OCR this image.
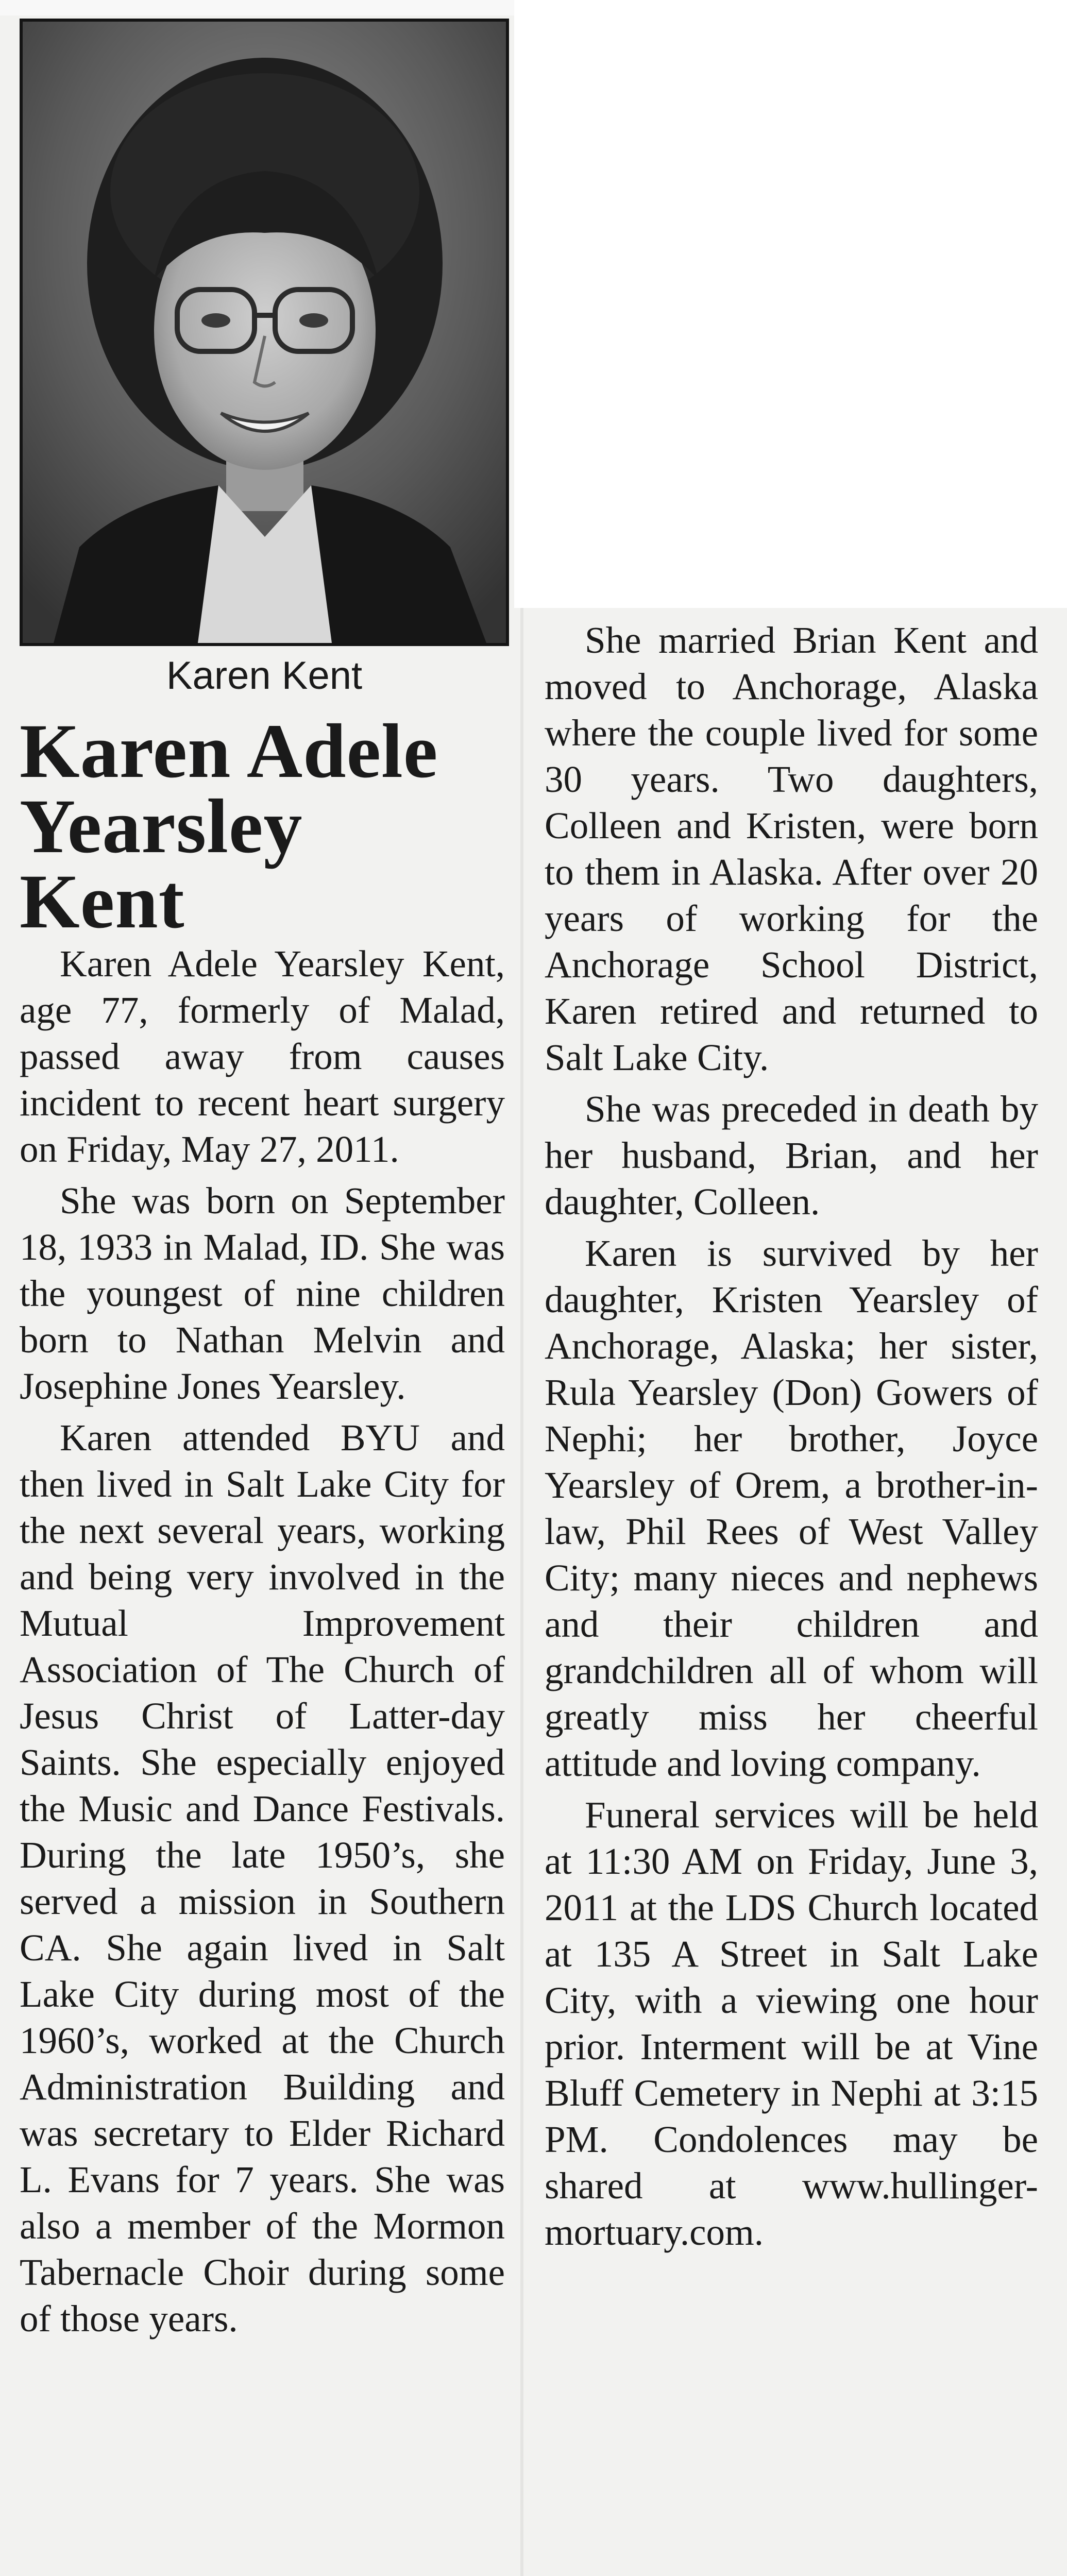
Karen Kent
Karen Adele
Yearsley
Kent

Karen Adele Yearsley Kent, age 77, formerly of Malad, passed away from causes incident to recent heart surgery on Friday, May 27, 2011.

She was born on September 18, 1933 in Malad, ID. She was the youngest of nine children born to Nathan Melvin and Josephine Jones Yearsley.

Karen attended BYU and then lived in Salt Lake City for the next several years, working and being very involved in the Mutual Improvement Association of The Church of Jesus Christ of Latter-day Saints. She especially enjoyed the Music and Dance Festivals. During the late 1950’s, she served a mission in Southern CA. She again lived in Salt Lake City during most of the 1960’s, worked at the Church Administration Building and was secretary to Elder Richard L. Evans for 7 years. She was also a member of the Mormon Tabernacle Choir during some of those years.

She married Brian Kent and moved to Anchorage, Alaska where the couple lived for some 30 years. Two daughters, Colleen and Kristen, were born to them in Alaska. After over 20 years of working for the Anchorage School District, Karen retired and returned to Salt Lake City.

She was preceded in death by her husband, Brian, and her daughter, Colleen.

Karen is survived by her daughter, Kristen Yearsley of Anchorage, Alaska; her sister, Rula Yearsley (Don) Gowers of Nephi; her brother, Joyce Yearsley of Orem, a brother-in-law, Phil Rees of West Valley City; many nieces and nephews and their children and grandchildren all of whom will greatly miss her cheerful attitude and loving company.

Funeral services will be held at 11:30 AM on Friday, June 3, 2011 at the LDS Church located at 135 A Street in Salt Lake City, with a viewing one hour prior. Interment will be at Vine Bluff Cemetery in Nephi at 3:15 PM. Condolences may be shared at www.hullinger-mortuary.com.
